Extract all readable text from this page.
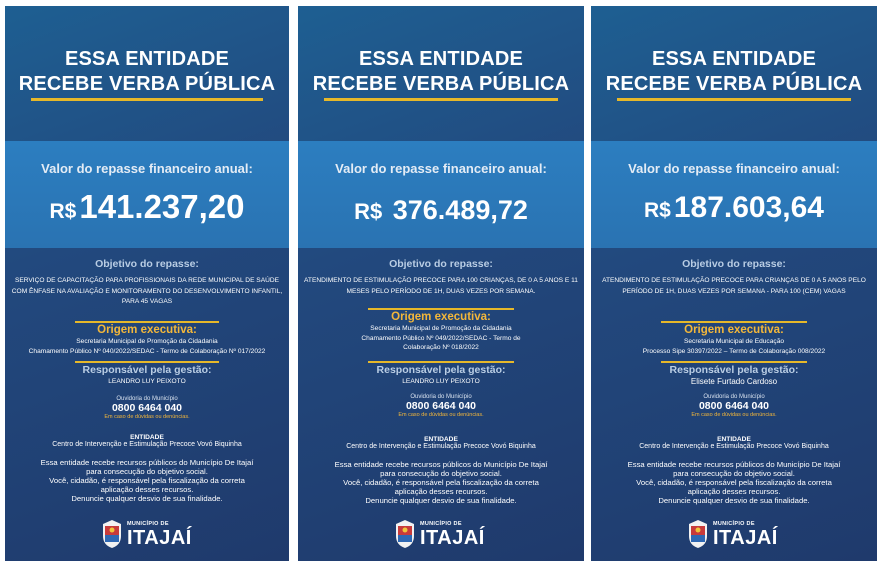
ESSA ENTIDADE
RECEBE VERBA PÚBLICA
Valor do repasse financeiro anual:
R$141.237,20
Objetivo do repasse:
SERVIÇO DE CAPACITAÇÃO PARA PROFISSIONAIS DA REDE MUNICIPAL DE SAÚDE COM ÊNFASE NA AVALIAÇÃO E MONITORAMENTO DO DESENVOLVIMENTO INFANTIL, PARA 45 VAGAS
Origem executiva:
Secretaria Municipal de Promoção da Cidadania
Chamamento Público Nº 040/2022/SEDAC - Termo de Colaboração Nº 017/2022
Responsável pela gestão:
LEANDRO LUY PEIXOTO
Ouvidoria do Município
0800 6464 040
Em caso de dúvidas ou denúncias.
ENTIDADE
Centro de Intervenção e Estimulação Precoce Vovó Biquinha
Essa entidade recebe recursos públicos do Município De Itajaí para consecução do objetivo social.
Você, cidadão, é responsável pela fiscalização da correta aplicação desses recursos.
Denuncie qualquer desvio de sua finalidade.
MUNICÍPIO DE
ITAJAÍ
ESSA ENTIDADE
RECEBE VERBA PÚBLICA
Valor do repasse financeiro anual:
R$ 376.489,72
Objetivo do repasse:
ATENDIMENTO DE ESTIMULAÇÃO PRECOCE PARA 100 CRIANÇAS, DE 0 A 5 ANOS E 11 MESES PELO PERÍODO DE 1H, DUAS VEZES POR SEMANA.
Origem executiva:
Secretaria Municipal de Promoção da Cidadania
Chamamento Público Nº 049/2022/SEDAC - Termo de Colaboração Nº 018/2022
Responsável pela gestão:
LEANDRO LUY PEIXOTO
Ouvidoria do Município
0800 6464 040
Em caso de dúvidas ou denúncias.
ENTIDADE
Centro de Intervenção e Estimulação Precoce Vovó Biquinha
Essa entidade recebe recursos públicos do Município De Itajaí para consecução do objetivo social.
Você, cidadão, é responsável pela fiscalização da correta aplicação desses recursos.
Denuncie qualquer desvio de sua finalidade.
MUNICÍPIO DE
ITAJAÍ
ESSA ENTIDADE
RECEBE VERBA PÚBLICA
Valor do repasse financeiro anual:
R$ 187.603,64
Objetivo do repasse:
ATENDIMENTO DE ESTIMULAÇÃO PRECOCE PARA CRIANÇAS DE 0 A 5 ANOS PELO PERÍODO DE 1H, DUAS VEZES POR SEMANA - PARA 100 (CEM) VAGAS
Origem executiva:
Secretaria Municipal de Educação
Processo Sipe 30397/2022 – Termo de Colaboração 008/2022
Responsável pela gestão:
Elisete Furtado Cardoso
Ouvidoria do Município
0800 6464 040
Em caso de dúvidas ou denúncias.
ENTIDADE
Centro de Intervenção e Estimulação Precoce Vovó Biquinha
Essa entidade recebe recursos públicos do Município De Itajaí para consecução do objetivo social.
Você, cidadão, é responsável pela fiscalização da correta aplicação desses recursos.
Denuncie qualquer desvio de sua finalidade.
MUNICÍPIO DE
ITAJAÍ
